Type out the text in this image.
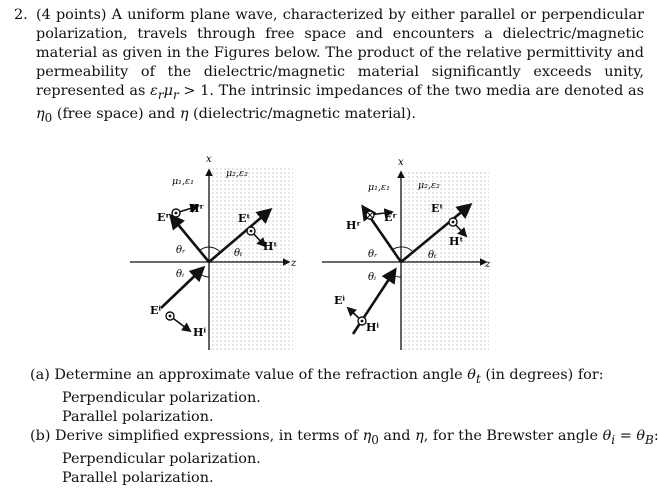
2. (4 points) A uniform plane wave, characterized by either parallel or perpendicular polarization, travels through free space and encounters a dielectric/magnetic material as given in the Figures below. The product of the relative permittivity and permeability of the dielectric/magnetic material significantly exceeds unity, represented as $\varepsilon_r\mu_r > 1$. The intrinsic impedances of the two media are denoted as $\eta_0$ (free space) and η (dielectric/magnetic material).
x
z
μ₁,ε₁
μ₂,ε₂
Eʳ
Hʳ
Eᵗ
Hᵗ
Eⁱ
Hⁱ
θᵣ
θᵢ
θₜ
x
z
μ₁,ε₁	μ₂,ε₂
Hʳ
Eʳ
Eᵗ
Hᵗ
Eⁱ
Hⁱ
θᵣ
θᵢ
θₜ
(a) Determine an approximate value of the refraction angle $\theta_t$ (in degrees) for:
Perpendicular polarization.
Parallel polarization.
(b) Derive simplified expressions, in terms of $\eta_0$ and η, for the Brewster angle $\theta_i = \theta_B$:
Perpendicular polarization.
Parallel polarization.
